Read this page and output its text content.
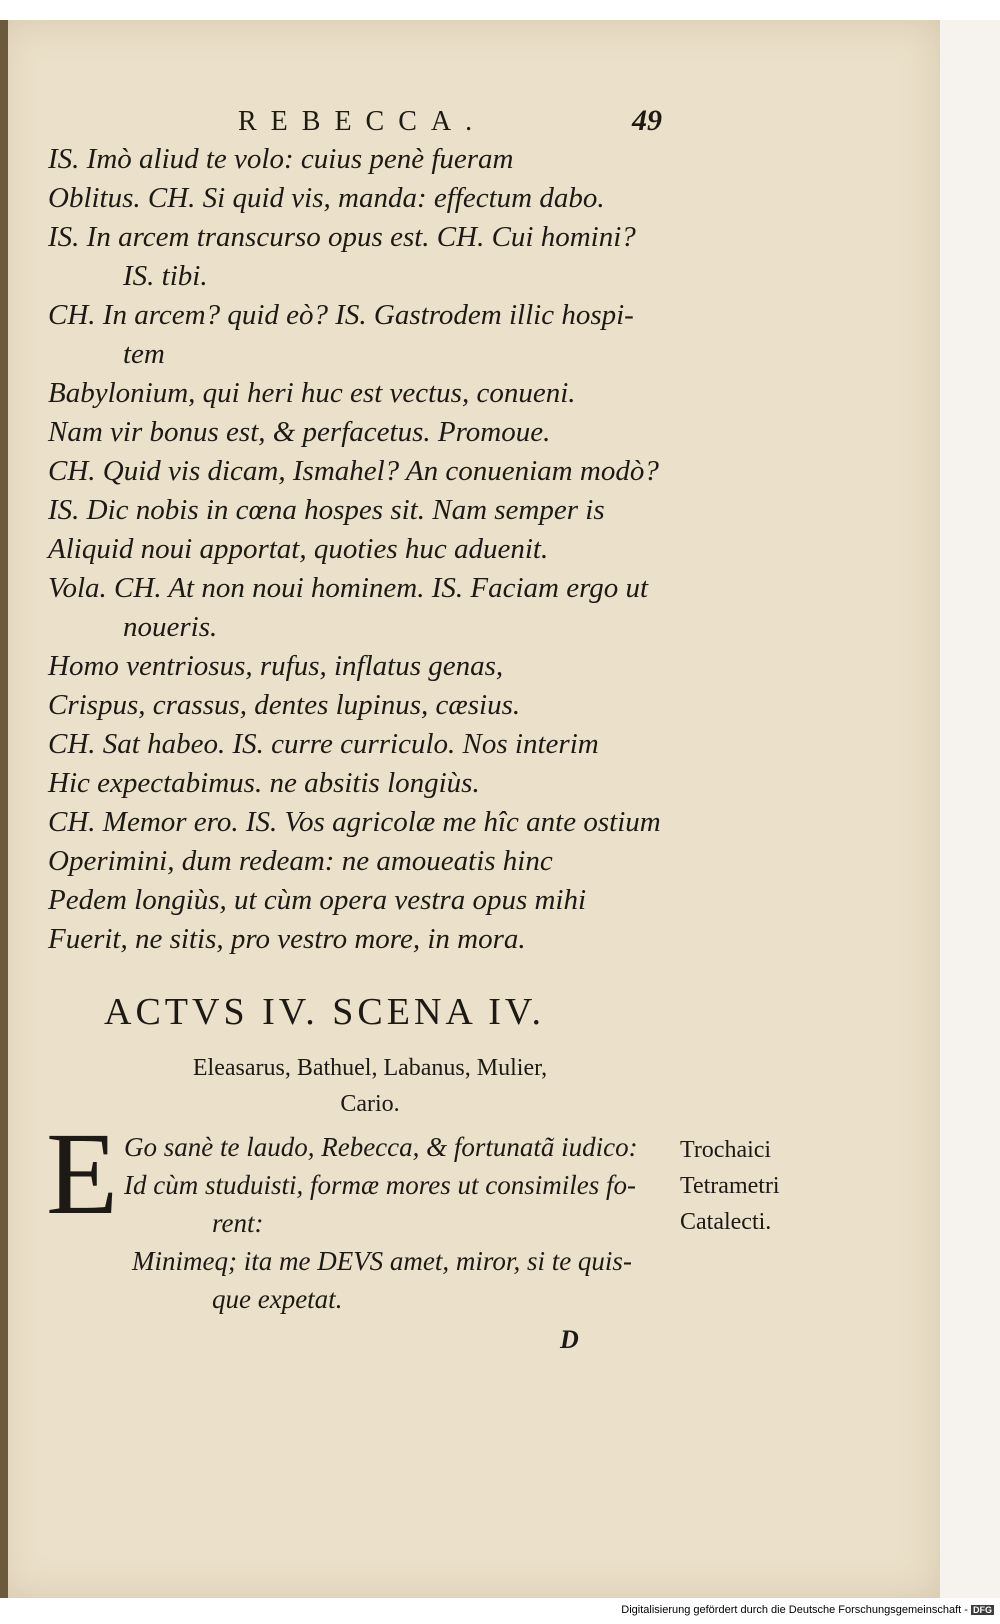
REBECCA.	49
IS. Imò aliud te volo: cuius penè fueram
Oblitus. CH. Si quid vis, manda: effectum dabo.
IS. In arcem transcurso opus est. CH. Cui homini?
IS. tibi.
CH. In arcem? quid eò? IS. Gastrodem illic hospi-
tem
Babylonium, qui heri huc est vectus, conueni.
Nam vir bonus est, & perfacetus. Promoue.
CH. Quid vis dicam, Ismahel? An conueniam modò?
IS. Dic nobis in cœna hospes sit. Nam semper is
Aliquid noui apportat, quoties huc aduenit.
Vola. CH. At non noui hominem. IS. Faciam ergo ut
noueris.
Homo ventriosus, rufus, inflatus genas,
Crispus, crassus, dentes lupinus, cæsius.
CH. Sat habeo. IS. curre curriculo. Nos interim
Hic expectabimus. ne absitis longiùs.
CH. Memor ero. IS. Vos agricolæ me hîc ante ostium
Operimini, dum redeam: ne amoueatis hinc
Pedem longiùs, ut cùm opera vestra opus mihi
Fuerit, ne sitis, pro vestro more, in mora.
ACTVS IV. SCENA IV.
Eleasarus, Bathuel, Labanus, Mulier,
Cario.
E Go sanè te laudo, Rebecca, & fortunatã iudico:
Id cùm studuisti, formæ mores ut consimiles fo-
rent:
Minimeq; ita me DEVS amet, miror, si te quis-
que expetat.
Trochaici
Tetrametri
Catalecti.
D
Digitalisierung gefördert durch die Deutsche Forschungsgemeinschaft - DFG
